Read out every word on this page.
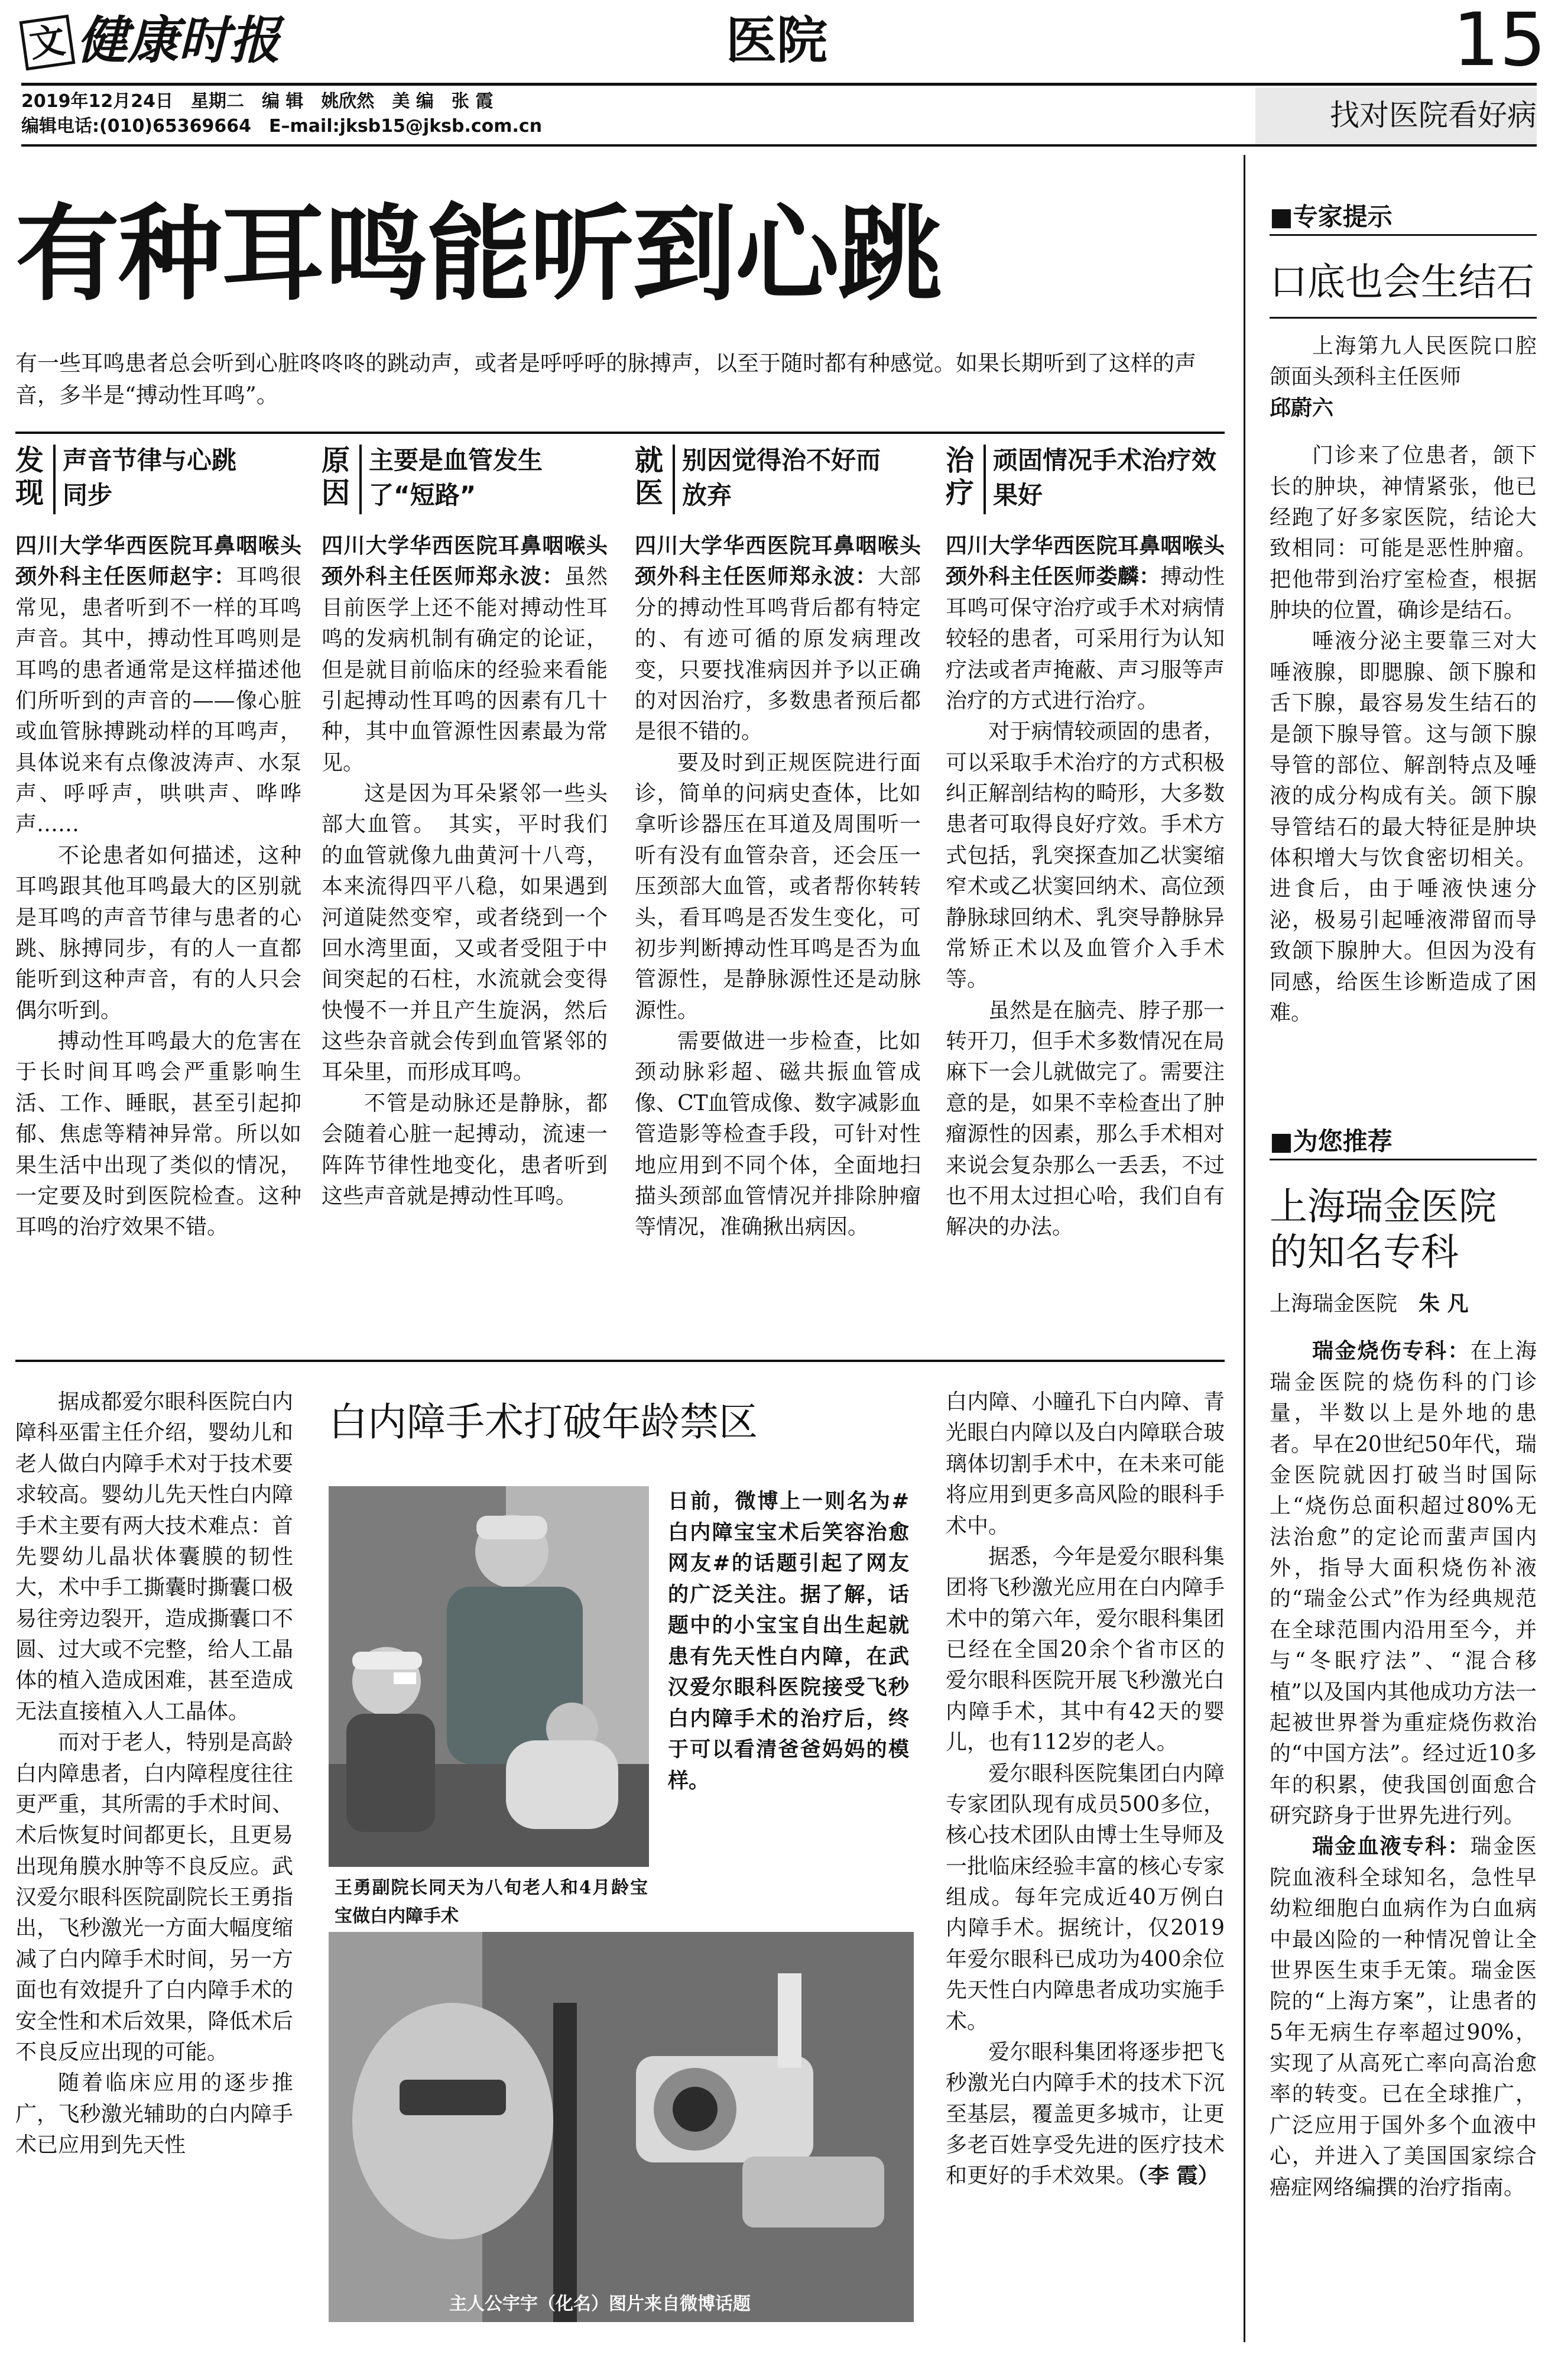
文 健康时报	医院	15
2019年12月24日　星期二　编 辑　姚欣然　美 编　张 霞
编辑电话:(010)65369664　E–mail:jksb15@jksb.com.cn	找对医院看好病
有种耳鸣能听到心跳
有一些耳鸣患者总会听到心脏咚咚咚的跳动声，或者是呼呼呼的脉搏声，以至于随时都有种感觉。如果长期听到了这样的声音，多半是“搏动性耳鸣”。
发现
声音节律与心跳同步

四川大学华西医院耳鼻咽喉头颈外科主任医师赵宇：耳鸣很常见，患者听到不一样的耳鸣声音。其中，搏动性耳鸣则是耳鸣的患者通常是这样描述他们所听到的声音的——像心脏或血管脉搏跳动样的耳鸣声，具体说来有点像波涛声、水泵声、呼呼声，哄哄声、哗哗声……

不论患者如何描述，这种耳鸣跟其他耳鸣最大的区别就是耳鸣的声音节律与患者的心跳、脉搏同步，有的人一直都能听到这种声音，有的人只会偶尔听到。

搏动性耳鸣最大的危害在于长时间耳鸣会严重影响生活、工作、睡眠，甚至引起抑郁、焦虑等精神异常。所以如果生活中出现了类似的情况，一定要及时到医院检查。这种耳鸣的治疗效果不错。

原因
主要是血管发生了“短路”

四川大学华西医院耳鼻咽喉头颈外科主任医师郑永波：虽然目前医学上还不能对搏动性耳鸣的发病机制有确定的论证，但是就目前临床的经验来看能引起搏动性耳鸣的因素有几十种，其中血管源性因素最为常见。

这是因为耳朵紧邻一些头部大血管。　其实，平时我们的血管就像九曲黄河十八弯，本来流得四平八稳，如果遇到河道陡然变窄，或者绕到一个回水湾里面，又或者受阻于中间突起的石柱，水流就会变得快慢不一并且产生旋涡，然后这些杂音就会传到血管紧邻的耳朵里，而形成耳鸣。

不管是动脉还是静脉，都会随着心脏一起搏动，流速一阵阵节律性地变化，患者听到这些声音就是搏动性耳鸣。

就医
别因觉得治不好而放弃

四川大学华西医院耳鼻咽喉头颈外科主任医师郑永波：大部分的搏动性耳鸣背后都有特定的、有迹可循的原发病理改变，只要找准病因并予以正确的对因治疗，多数患者预后都是很不错的。

要及时到正规医院进行面诊，简单的问病史查体，比如拿听诊器压在耳道及周围听一听有没有血管杂音，还会压一压颈部大血管，或者帮你转转头，看耳鸣是否发生变化，可初步判断搏动性耳鸣是否为血管源性，是静脉源性还是动脉源性。

需要做进一步检查，比如颈动脉彩超、磁共振血管成像、CT血管成像、数字减影血管造影等检查手段，可针对性地应用到不同个体，全面地扫描头颈部血管情况并排除肿瘤等情况，准确揪出病因。

治疗
顽固情况手术治疗效果好

四川大学华西医院耳鼻咽喉头颈外科主任医师娄麟：搏动性耳鸣可保守治疗或手术对病情较轻的患者，可采用行为认知疗法或者声掩蔽、声习服等声治疗的方式进行治疗。

对于病情较顽固的患者，可以采取手术治疗的方式积极纠正解剖结构的畸形，大多数患者可取得良好疗效。手术方式包括，乳突探查加乙状窦缩窄术或乙状窦回纳术、高位颈静脉球回纳术、乳突导静脉异常矫正术以及血管介入手术等。

虽然是在脑壳、脖子那一转开刀，但手术多数情况在局麻下一会儿就做完了。需要注意的是，如果不幸检查出了肿瘤源性的因素，那么手术相对来说会复杂那么一丢丢，不过也不用太过担心哈，我们自有解决的办法。

据成都爱尔眼科医院白内障科巫雷主任介绍，婴幼儿和老人做白内障手术对于技术要求较高。婴幼儿先天性白内障手术主要有两大技术难点：首先婴幼儿晶状体囊膜的韧性大，术中手工撕囊时撕囊口极易往旁边裂开，造成撕囊口不圆、过大或不完整，给人工晶体的植入造成困难，甚至造成无法直接植入人工晶体。

而对于老人，特别是高龄白内障患者，白内障程度往往更严重，其所需的手术时间、术后恢复时间都更长，且更易出现角膜水肿等不良反应。武汉爱尔眼科医院副院长王勇指出，飞秒激光一方面大幅度缩减了白内障手术时间，另一方面也有效提升了白内障手术的安全性和术后效果，降低术后不良反应出现的可能。

随着临床应用的逐步推广，飞秒激光辅助的白内障手术已应用到先天性

白内障手术打破年龄禁区
王勇副院长同天为八旬老人和4月龄宝宝做白内障手术
日前，微博上一则名为#白内障宝宝术后笑容治愈网友#的话题引起了网友的广泛关注。据了解，话题中的小宝宝自出生起就患有先天性白内障，在武汉爱尔眼科医院接受飞秒白内障手术的治疗后，终于可以看清爸爸妈妈的模样。
主人公宇宇（化名）图片来自微博话题

白内障、小瞳孔下白内障、青光眼白内障以及白内障联合玻璃体切割手术中，在未来可能将应用到更多高风险的眼科手术中。

据悉，今年是爱尔眼科集团将飞秒激光应用在白内障手术中的第六年，爱尔眼科集团已经在全国20余个省市区的爱尔眼科医院开展飞秒激光白内障手术，其中有42天的婴儿，也有112岁的老人。

爱尔眼科医院集团白内障专家团队现有成员500多位，核心技术团队由博士生导师及一批临床经验丰富的核心专家组成。每年完成近40万例白内障手术。据统计，仅2019年爱尔眼科已成功为400余位先天性白内障患者成功实施手术。

爱尔眼科集团将逐步把飞秒激光白内障手术的技术下沉至基层，覆盖更多城市，让更多老百姓享受先进的医疗技术和更好的手术效果。（李 霞）

■专家提示
口底也会生结石

上海第九人民医院口腔颌面头颈科主任医师

邱蔚六

门诊来了位患者，颌下长的肿块，神情紧张，他已经跑了好多家医院，结论大致相同：可能是恶性肿瘤。把他带到治疗室检查，根据肿块的位置，确诊是结石。

唾液分泌主要靠三对大唾液腺，即腮腺、颌下腺和舌下腺，最容易发生结石的是颌下腺导管。这与颌下腺导管的部位、解剖特点及唾液的成分构成有关。颌下腺导管结石的最大特征是肿块体积增大与饮食密切相关。进食后，由于唾液快速分泌，极易引起唾液滞留而导致颌下腺肿大。但因为没有同感，给医生诊断造成了困难。

■为您推荐
上海瑞金医院的知名专科

上海瑞金医院　 朱 凡

瑞金烧伤专科：在上海瑞金医院的烧伤科的门诊量，半数以上是外地的患者。早在20世纪50年代，瑞金医院就因打破当时国际上“烧伤总面积超过80%无法治愈”的定论而蜚声国内外，指导大面积烧伤补液的“瑞金公式”作为经典规范在全球范围内沿用至今，并与“冬眠疗法”、“混合移植”以及国内其他成功方法一起被世界誉为重症烧伤救治的“中国方法”。经过近10多年的积累，使我国创面愈合研究跻身于世界先进行列。

瑞金血液专科：瑞金医院血液科全球知名，急性早幼粒细胞白血病作为白血病中最凶险的一种情况曾让全世界医生束手无策。瑞金医院的“上海方案”，让患者的5年无病生存率超过90%，实现了从高死亡率向高治愈率的转变。已在全球推广，广泛应用于国外多个血液中心，并进入了美国国家综合癌症网络编撰的治疗指南。
